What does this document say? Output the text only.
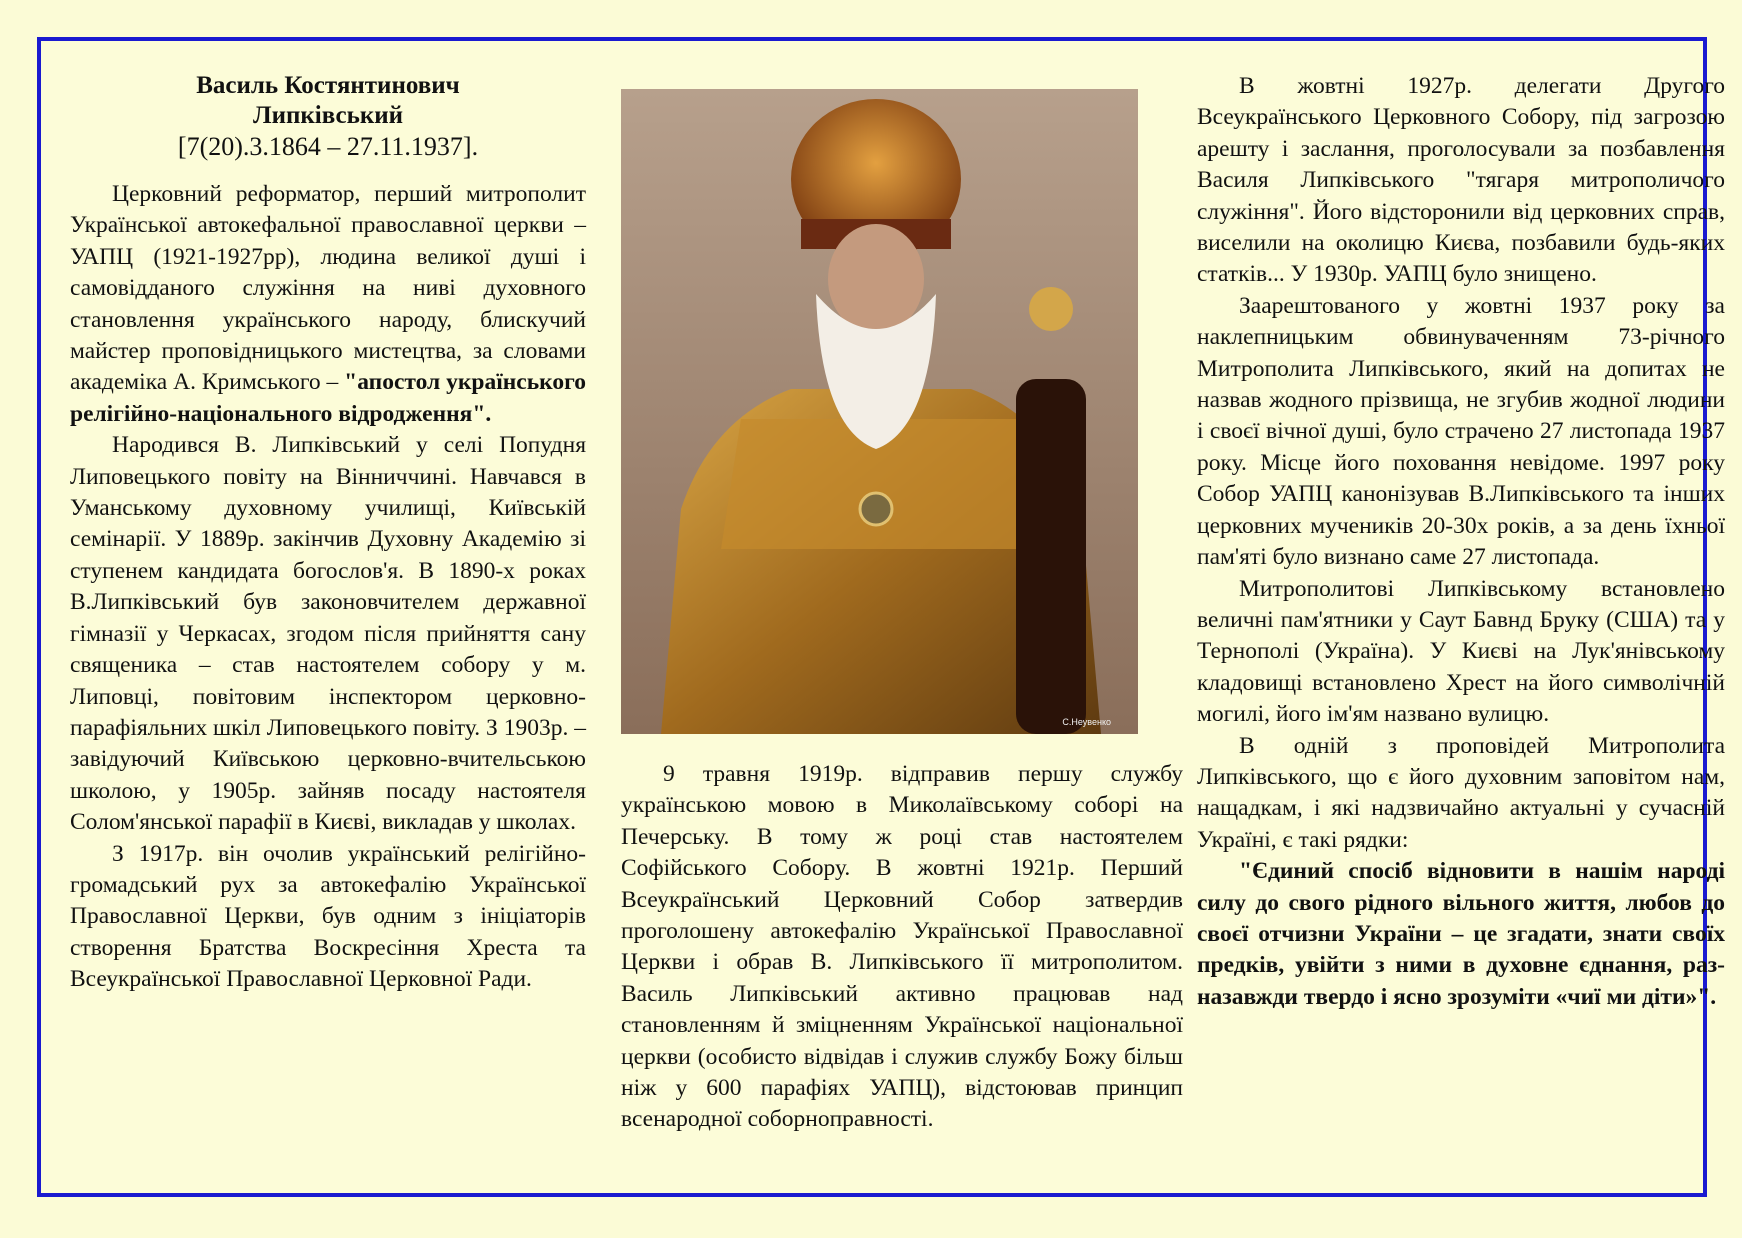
Василь Костянтинович
Липківський
[7(20).3.1864 – 27.11.1937].

Церковний реформатор, перший митрополит Української автокефальної православної церкви – УАПЦ (1921-1927рр), людина великої душі і самовідданого служіння на ниві духовного становлення українського народу, блискучий майстер проповідницького мистецтва, за словами академіка А. Кримського – "апостол українського релігійно-національного відродження".

Народився В. Липківський у селі Попудня Липовецького повіту на Вінниччині. Навчався в Уманському духовному училищі, Київській семінарії. У 1889р. закінчив Духовну Академію зі ступенем кандидата богослов'я. В 1890-х роках В.Липківський був законовчителем державної гімназії у Черкасах, згодом після прийняття сану священика – став настоятелем собору у м. Липовці, повітовим інспектором церковно-парафіяльних шкіл Липовецького повіту. З 1903р. – завідуючий Київською церковно-вчительською школою, у 1905р. зайняв посаду настоятеля Солом'янської парафії в Києві, викладав у школах.

З 1917р. він очолив український релігійно-громадський рух за автокефалію Української Православної Церкви, був одним з ініціаторів створення Братства Воскресіння Хреста та Всеукраїнської Православної Церковної Ради.

С.Неувенко

9 травня 1919р. відправив першу службу українською мовою в Миколаївському соборі на Печерську. В тому ж році став настоятелем Софійського Собору. В жовтні 1921р. Перший Всеукраїнський Церковний Собор затвердив проголошену автокефалію Української Православної Церкви і обрав В. Липківського її митрополитом. Василь Липківський активно працював над становленням й зміцненням Української національної церкви (особисто відвідав і служив службу Божу більш ніж у 600 парафіях УАПЦ), відстоював принцип всенародної соборноправності.

В жовтні 1927р. делегати Другого Всеукраїнського Церковного Собору, під загрозою арешту і заслання, проголосували за позбавлення Василя Липківського "тягаря митрополичого служіння". Його відсторонили від церковних справ, виселили на околицю Києва, позбавили будь-яких статків... У 1930р. УАПЦ було знищено.

Заарештованого у жовтні 1937 року за наклепницьким обвинуваченням 73-річного Митрополита Липківського, який на допитах не назвав жодного прізвища, не згубив жодної людини і своєї вічної душі, було страчено 27 листопада 1937 року. Місце його поховання невідоме. 1997 року Собор УАПЦ канонізував В.Липківського та інших церковних мучеників 20-30х років, а за день їхньої пам'яті було визнано саме 27 листопада.

Митрополитові Липківському встановлено величні пам'ятники у Саут Бавнд Бруку (США) та у Тернополі (Україна). У Києві на Лук'янівському кладовищі встановлено Хрест на його символічній могилі, його ім'ям названо вулицю.

В одній з проповідей Митрополита Липківського, що є його духовним заповітом нам, нащадкам, і які надзвичайно актуальні у сучасній Україні, є такі рядки:

"Єдиний спосіб відновити в нашім народі силу до свого рідного вільного життя, любов до своєї отчизни України – це згадати, знати своїх предків, увійти з ними в духовне єднання, раз-назавжди твердо і ясно зрозуміти «чиї ми діти»".
